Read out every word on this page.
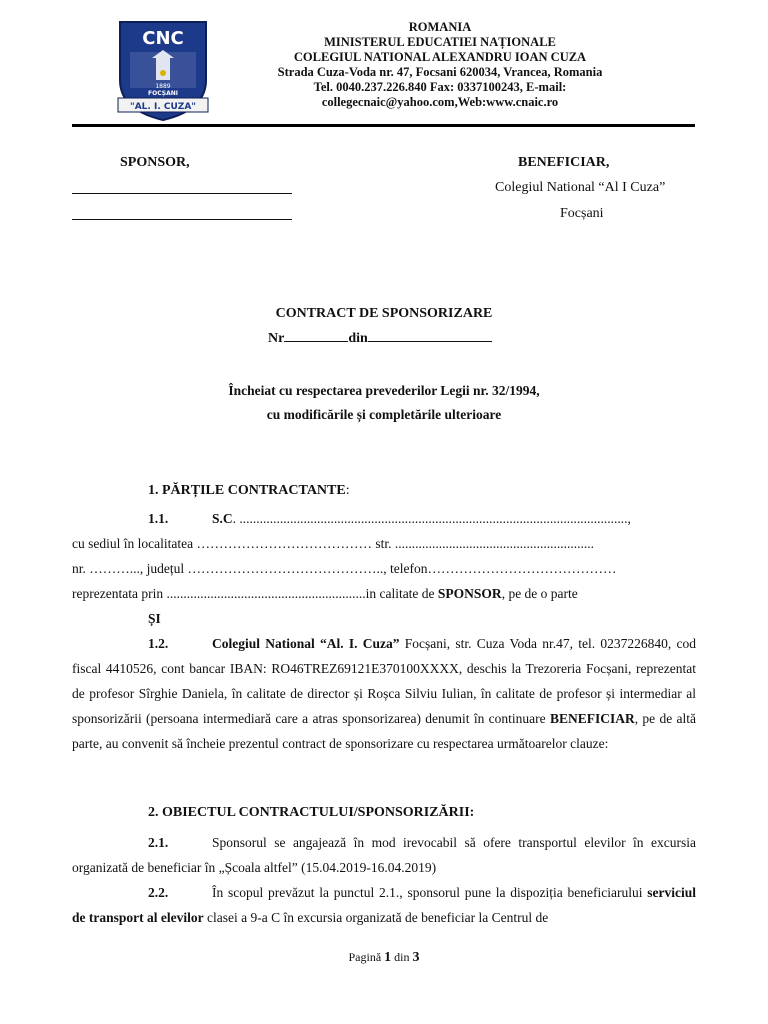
CNC
1889
FOCȘANI
"AL. I. CUZA"
ROMANIA
MINISTERUL EDUCATIEI NAȚIONALE
COLEGIUL NATIONAL ALEXANDRU IOAN CUZA
Strada Cuza-Voda nr. 47, Focsani 620034, Vrancea, Romania
Tel. 0040.237.226.840 Fax: 0337100243, E-mail:
collegecnaic@yahoo.com,Web:www.cnaic.ro
SPONSOR,	BENEFICIAR,
Colegiul National “Al I Cuza”
Focșani
CONTRACT DE SPONSORIZARE
Nr	din
Încheiat cu respectarea prevederilor Legii nr. 32/1994,
cu modificările și completările ulterioare
1. PĂRȚILE CONTRACTANTE:
1.1.	S.C. ...................................................................................................................,
cu sediul în localitatea ………………………………… str. ...........................................................
nr. ………..., județul …………………………………….., telefon……………………………………
reprezentata prin ...........................................................in calitate de SPONSOR, pe de o parte
ȘI
1.2.	Colegiul National “Al. I. Cuza” Focșani, str. Cuza Voda nr.47, tel. 0237226840, cod fiscal 4410526, cont bancar IBAN: RO46TREZ69121E370100XXXX, deschis la Trezoreria Focșani, reprezentat de profesor Sîrghie Daniela, în calitate de director și Roșca Silviu Iulian, în calitate de profesor și intermediar al sponsorizării (persoana intermediară care a atras sponsorizarea) denumit în continuare BENEFICIAR, pe de altă parte, au convenit să încheie prezentul contract de sponsorizare cu respectarea următoarelor clauze:
2. OBIECTUL CONTRACTULUI/SPONSORIZĂRII:
2.1.	Sponsorul se angajează în mod irevocabil să ofere transportul elevilor în excursia organizată de beneficiar în „Școala altfel” (15.04.2019-16.04.2019)
2.2.	În scopul prevăzut la punctul 2.1., sponsorul pune la dispoziția beneficiarului serviciul de transport al elevilor clasei a 9-a C în excursia organizată de beneficiar la Centrul de
Pagină 1 din 3
